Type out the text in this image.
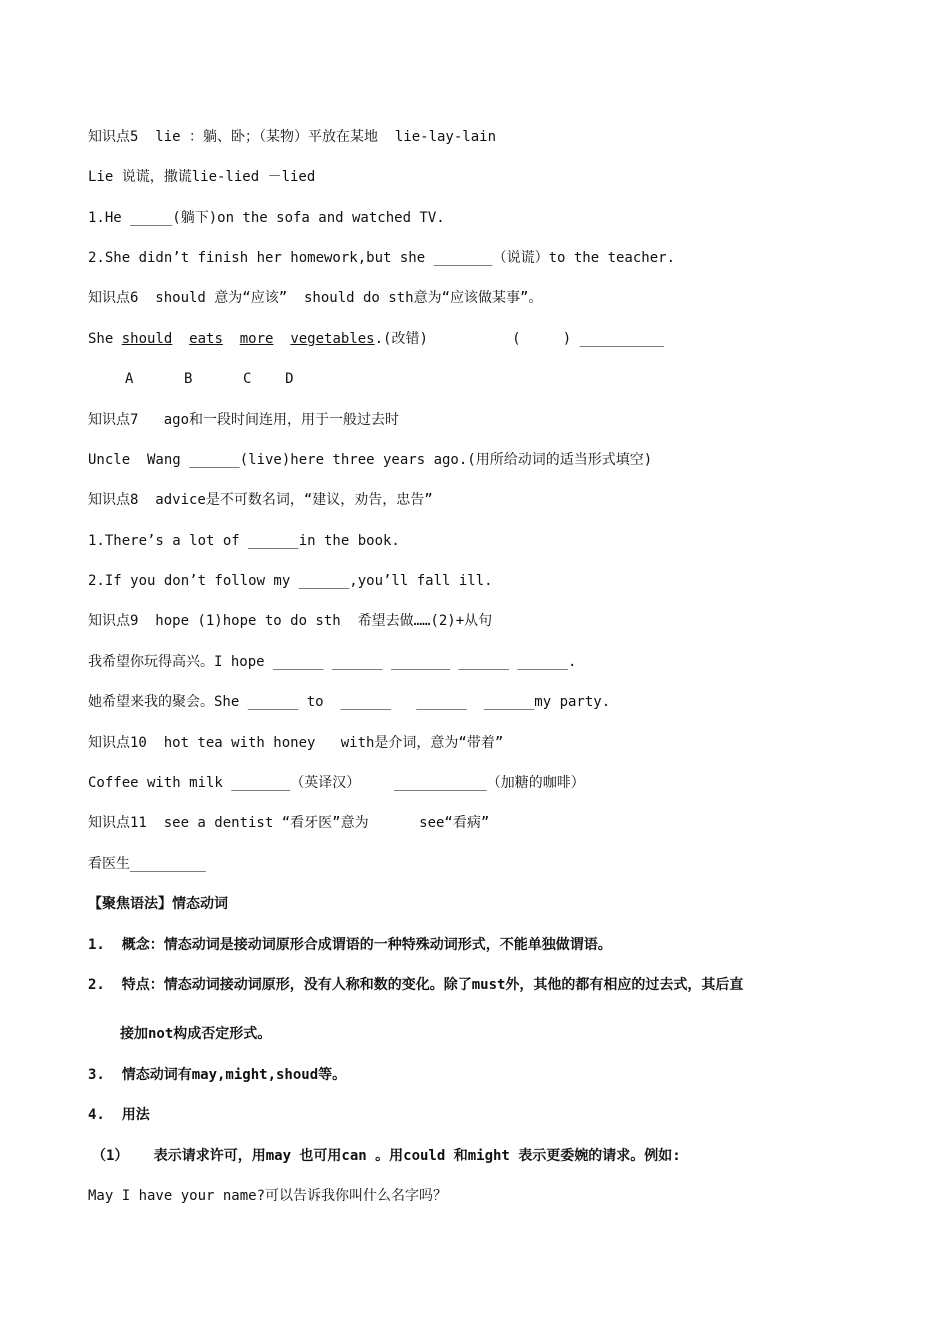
知识点5  lie ：躺、卧；（某物）平放在某地  lie-lay-lain
Lie 说谎，撒谎lie-lied －lied
1.He _____(躺下)on the sofa and watched TV.
2.She didn’t finish her homework,but she _______（说谎）to the teacher.
知识点6  should 意为“应该”  should do sth意为“应该做某事”。
She should eats more vegetables.(改错)          (     ) __________
A      B      C    D
知识点7   ago和一段时间连用，用于一般过去时
Uncle  Wang ______(live)here three years ago.(用所给动词的适当形式填空)
知识点8  advice是不可数名词，“建议，劝告，忠告”
1.There’s a lot of ______in the book.
2.If you don’t follow my ______,you’ll fall ill.
知识点9  hope (1)hope to do sth  希望去做……(2)+从句
我希望你玩得高兴。I hope ______ ______ _______ ______ ______.
她希望来我的聚会。She ______ to  ______   ______  ______my party.
知识点10  hot tea with honey   with是介词，意为“带着”
Coffee with milk _______（英译汉）    ___________（加糖的咖啡）
知识点11  see a dentist “看牙医”意为      see“看病”
看医生_________
【聚焦语法】情态动词
1.  概念：情态动词是接动词原形合成谓语的一种特殊动词形式，不能单独做谓语。
2.  特点：情态动词接动词原形，没有人称和数的变化。除了must外，其他的都有相应的过去式，其后直
接加not构成否定形式。
3.  情态动词有may,might,shoud等。
4.  用法
（1）   表示请求许可，用may 也可用can 。用could 和might 表示更委婉的请求。例如:
May I have your name?可以告诉我你叫什么名字吗？
